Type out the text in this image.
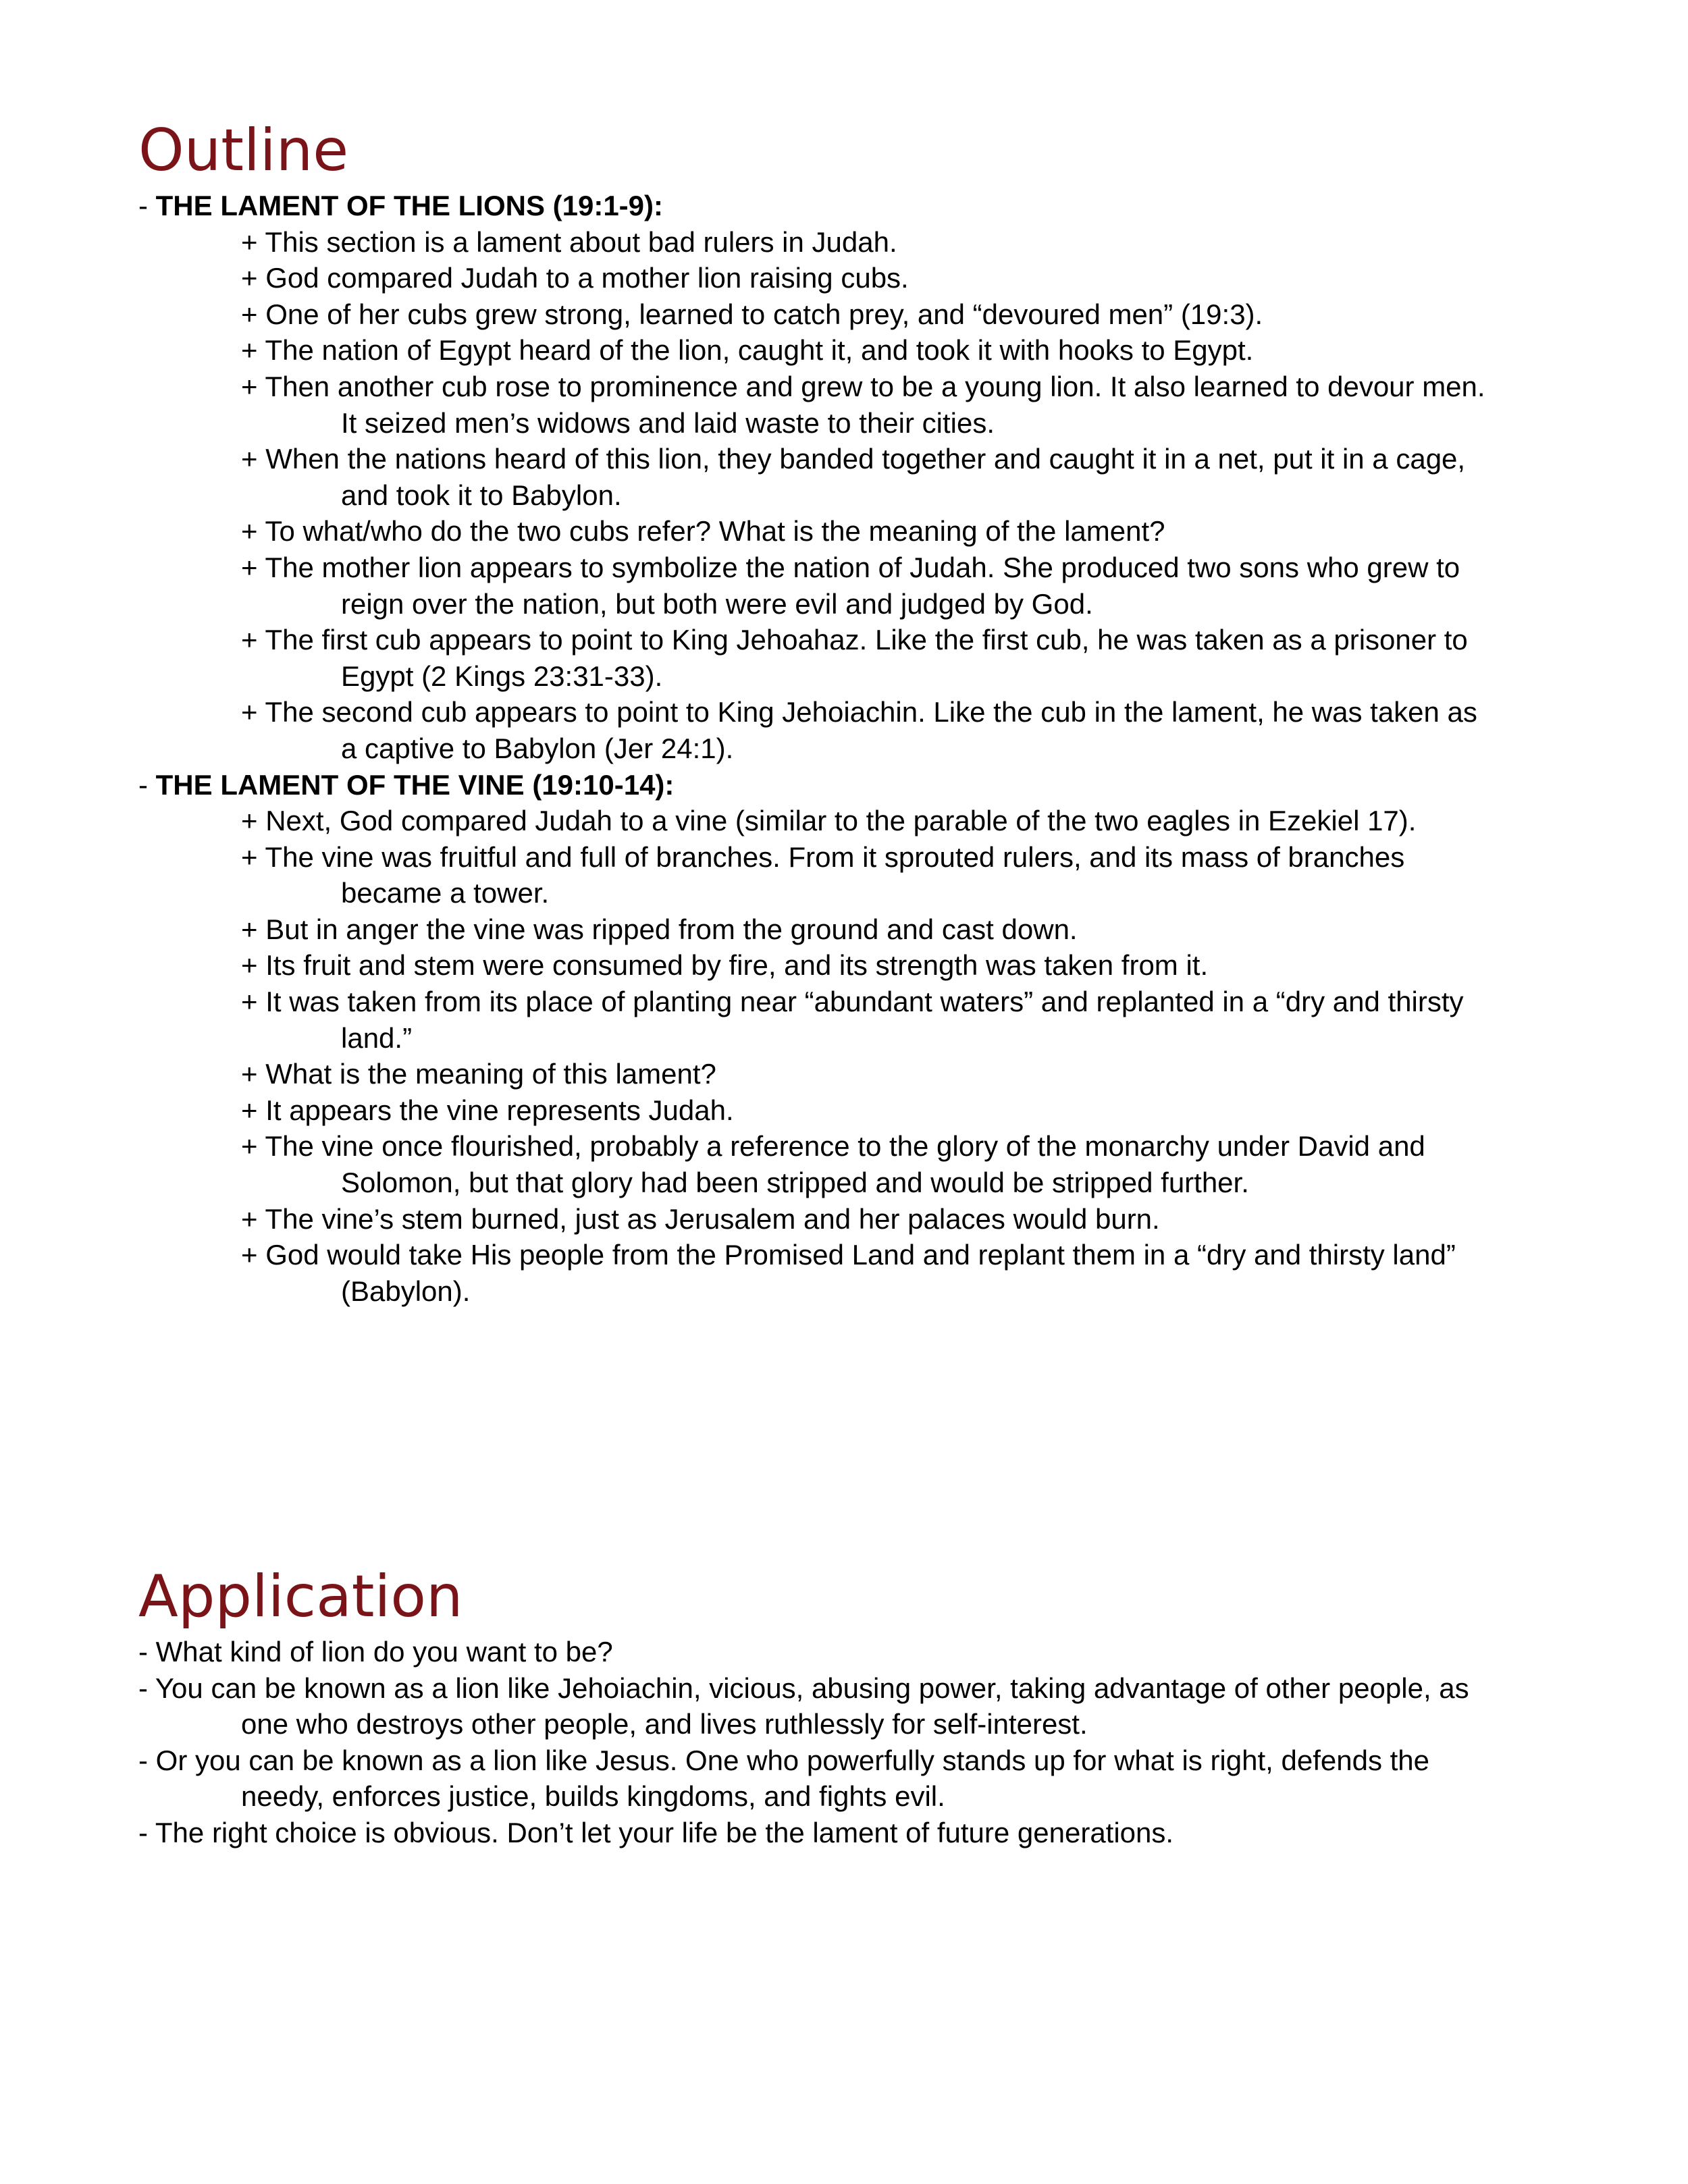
Outline
- THE LAMENT OF THE LIONS (19:1-9):
+ This section is a lament about bad rulers in Judah.
+ God compared Judah to a mother lion raising cubs.
+ One of her cubs grew strong, learned to catch prey, and “devoured men” (19:3).
+ The nation of Egypt heard of the lion, caught it, and took it with hooks to Egypt.
+ Then another cub rose to prominence and grew to be a young lion. It also learned to devour men.
It seized men’s widows and laid waste to their cities.
+ When the nations heard of this lion, they banded together and caught it in a net, put it in a cage,
and took it to Babylon.
+ To what/who do the two cubs refer? What is the meaning of the lament?
+ The mother lion appears to symbolize the nation of Judah. She produced two sons who grew to
reign over the nation, but both were evil and judged by God.
+ The first cub appears to point to King Jehoahaz. Like the first cub, he was taken as a prisoner to
Egypt (2 Kings 23:31-33).
+ The second cub appears to point to King Jehoiachin. Like the cub in the lament, he was taken as
a captive to Babylon (Jer 24:1).
- THE LAMENT OF THE VINE (19:10-14):
+ Next, God compared Judah to a vine (similar to the parable of the two eagles in Ezekiel 17).
+ The vine was fruitful and full of branches. From it sprouted rulers, and its mass of branches
became a tower.
+ But in anger the vine was ripped from the ground and cast down.
+ Its fruit and stem were consumed by fire, and its strength was taken from it.
+ It was taken from its place of planting near “abundant waters” and replanted in a “dry and thirsty
land.”
+ What is the meaning of this lament?
+ It appears the vine represents Judah.
+ The vine once flourished, probably a reference to the glory of the monarchy under David and
Solomon, but that glory had been stripped and would be stripped further.
+ The vine’s stem burned, just as Jerusalem and her palaces would burn.
+ God would take His people from the Promised Land and replant them in a “dry and thirsty land”
(Babylon).
Application
- What kind of lion do you want to be?
- You can be known as a lion like Jehoiachin, vicious, abusing power, taking advantage of other people, as
one who destroys other people, and lives ruthlessly for self-interest.
- Or you can be known as a lion like Jesus. One who powerfully stands up for what is right, defends the
needy, enforces justice, builds kingdoms, and fights evil.
- The right choice is obvious. Don’t let your life be the lament of future generations.
